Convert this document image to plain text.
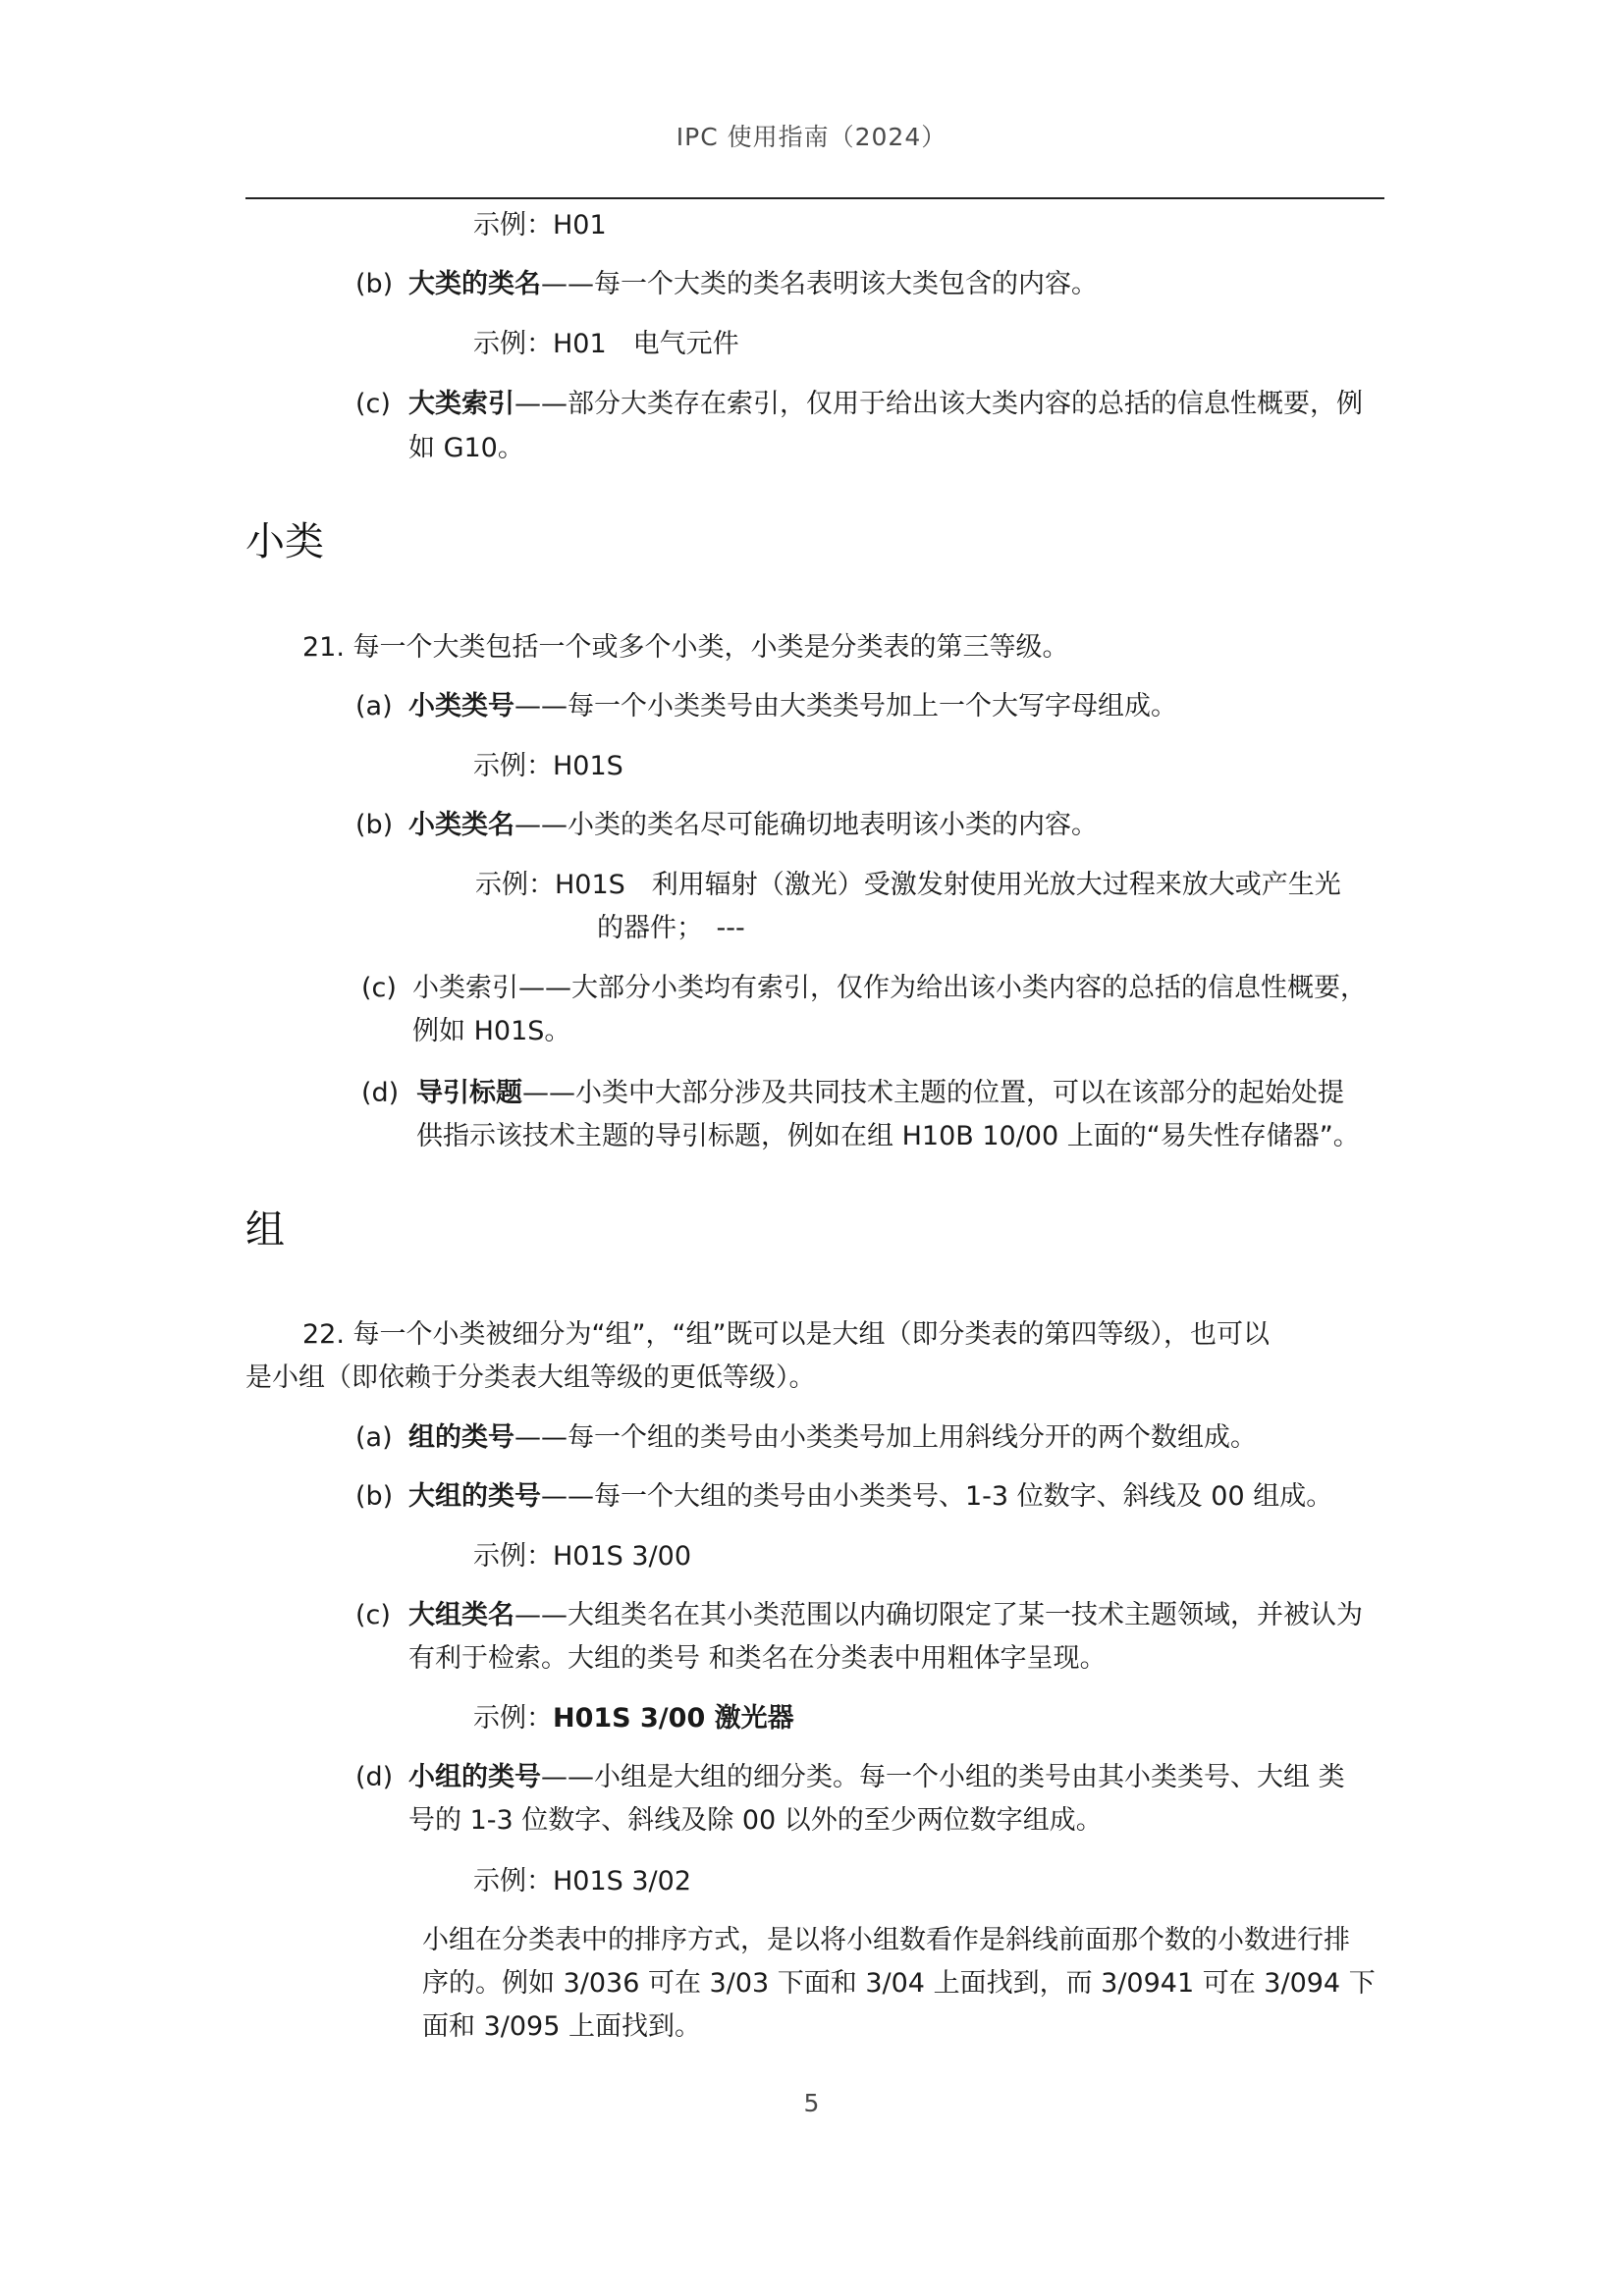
IPC 使用指南（2024）
示例：H01
(b) 大类的类名——每一个大类的类名表明该大类包含的内容。
示例：H01　电气元件
(c) 大类索引——部分大类存在索引，仅用于给出该大类内容的总括的信息性概要，例
如 G10。
小类
21. 每一个大类包括一个或多个小类，小类是分类表的第三等级。
(a) 小类类号——每一个小类类号由大类类号加上一个大写字母组成。
示例：H01S
(b) 小类类名——小类的类名尽可能确切地表明该小类的内容。
示例：H01S　利用辐射（激光）受激发射使用光放大过程来放大或产生光
的器件；　---
(c) 小类索引——大部分小类均有索引，仅作为给出该小类内容的总括的信息性概要，
例如 H01S。
(d) 导引标题——小类中大部分涉及共同技术主题的位置，可以在该部分的起始处提
供指示该技术主题的导引标题，例如在组 H10B 10/00 上面的“易失性存储器”。
组
22. 每一个小类被细分为“组”，“组”既可以是大组（即分类表的第四等级），也可以
是小组（即依赖于分类表大组等级的更低等级）。
(a) 组的类号——每一个组的类号由小类类号加上用斜线分开的两个数组成。
(b) 大组的类号——每一个大组的类号由小类类号、1-3 位数字、斜线及 00 组成。
示例：H01S 3/00
(c) 大组类名——大组类名在其小类范围以内确切限定了某一技术主题领域，并被认为
有利于检索。大组的类号 和类名在分类表中用粗体字呈现。
示例：H01S 3/00 激光器
(d) 小组的类号——小组是大组的细分类。每一个小组的类号由其小类类号、大组 类
号的 1-3 位数字、斜线及除 00 以外的至少两位数字组成。
示例：H01S 3/02
小组在分类表中的排序方式，是以将小组数看作是斜线前面那个数的小数进行排
序的。例如 3/036 可在 3/03 下面和 3/04 上面找到，而 3/0941 可在 3/094 下
面和 3/095 上面找到。
5
